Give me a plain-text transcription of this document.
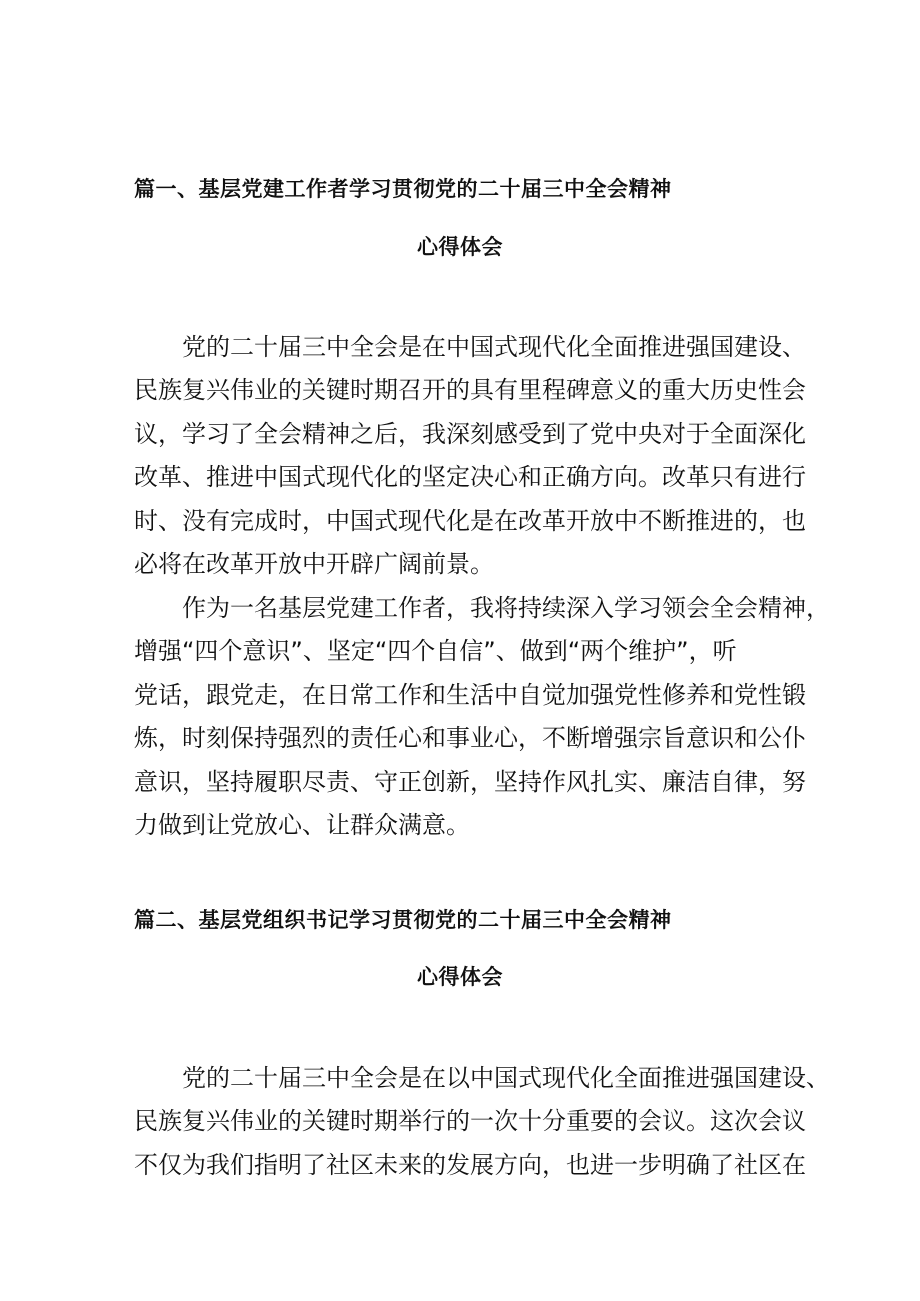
篇一、基层党建工作者学习贯彻党的二十届三中全会精神
心得体会

　　党的二十届三中全会是在中国式现代化全面推进强国建设、

民族复兴伟业的关键时期召开的具有里程碑意义的重大历史性会

议，学习了全会精神之后，我深刻感受到了党中央对于全面深化

改革、推进中国式现代化的坚定决心和正确方向。改革只有进行

时、没有完成时，中国式现代化是在改革开放中不断推进的，也

必将在改革开放中开辟广阔前景。

　　作为一名基层党建工作者，我将持续深入学习领会全会精神，

增强“四个意识”、坚定“四个自信”、做到“两个维护”，听

党话，跟党走，在日常工作和生活中自觉加强党性修养和党性锻

炼，时刻保持强烈的责任心和事业心，不断增强宗旨意识和公仆

意识，坚持履职尽责、守正创新，坚持作风扎实、廉洁自律，努

力做到让党放心、让群众满意。

篇二、基层党组织书记学习贯彻党的二十届三中全会精神
心得体会

　　党的二十届三中全会是在以中国式现代化全面推进强国建设、

民族复兴伟业的关键时期举行的一次十分重要的会议。这次会议

不仅为我们指明了社区未来的发展方向，也进一步明确了社区在
